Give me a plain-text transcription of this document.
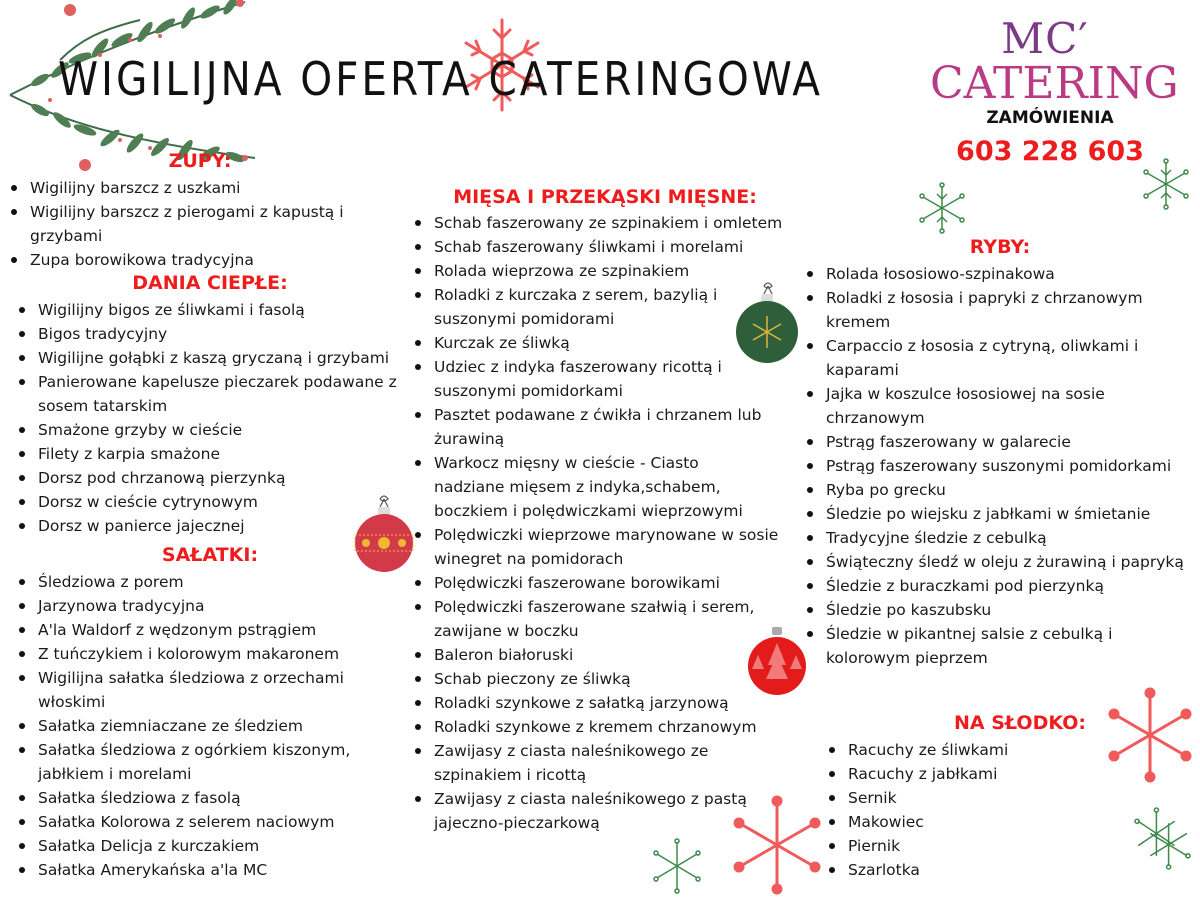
WIGILIJNA OFERTA CATERINGOWA
MC′
CATERING
ZAMÓWIENIA
603 228 603
ZUPY:
Wigilijny barszcz z uszkami
Wigilijny barszcz z pierogami z kapustą i grzybami
Zupa borowikowa tradycyjna
DANIA CIEPŁE:
Wigilijny bigos ze śliwkami i fasolą
Bigos tradycyjny
Wigilijne gołąbki z kaszą gryczaną i grzybami
Panierowane kapelusze pieczarek podawane z sosem tatarskim
Smażone grzyby w cieście
Filety z karpia smażone
Dorsz pod chrzanową pierzynką
Dorsz w cieście cytrynowym
Dorsz w panierce jajecznej
SAŁATKI:
Śledziowa z porem
Jarzynowa tradycyjna
A'la Waldorf z wędzonym pstrągiem
Z tuńczykiem i kolorowym makaronem
Wigilijna sałatka śledziowa z orzechami włoskimi
Sałatka ziemniaczane ze śledziem
Sałatka śledziowa z ogórkiem kiszonym, jabłkiem i morelami
Sałatka śledziowa z fasolą
Sałatka Kolorowa z selerem naciowym
Sałatka Delicja z kurczakiem
Sałatka Amerykańska a'la MC
MIĘSA I PRZEKĄSKI MIĘSNE:
Schab faszerowany ze szpinakiem i omletem
Schab faszerowany śliwkami i morelami
Rolada wieprzowa ze szpinakiem
Roladki z kurczaka z serem, bazylią i suszonymi pomidorami
Kurczak ze śliwką
Udziec z indyka faszerowany ricottą i suszonymi pomidorkami
Pasztet podawane z ćwikła i chrzanem lub żurawiną
Warkocz mięsny w cieście - Ciasto nadziane mięsem z indyka,schabem, boczkiem i polędwiczkami wieprzowymi
Polędwiczki wieprzowe marynowane w sosie winegret na pomidorach
Polędwiczki faszerowane borowikami
Polędwiczki faszerowane szałwią i serem, zawijane w boczku
Baleron białoruski
Schab pieczony ze śliwką
Roladki szynkowe z sałatką jarzynową
Roladki szynkowe z kremem chrzanowym
Zawijasy z ciasta naleśnikowego ze szpinakiem i ricottą
Zawijasy z ciasta naleśnikowego z pastą jajeczno-pieczarkową
RYBY:
Rolada łososiowo-szpinakowa
Roladki z łososia i papryki z chrzanowym kremem
Carpaccio z łososia z cytryną, oliwkami i kaparami
Jajka w koszulce łososiowej na sosie chrzanowym
Pstrąg faszerowany w galarecie
Pstrąg faszerowany suszonymi pomidorkami
Ryba po grecku
Śledzie po wiejsku z jabłkami w śmietanie
Tradycyjne śledzie z cebulką
Świąteczny śledź w oleju z żurawiną i papryką
Śledzie z buraczkami pod pierzynką
Śledzie po kaszubsku
Śledzie w pikantnej salsie z cebulką i kolorowym pieprzem
NA SŁODKO:
Racuchy ze śliwkami
Racuchy z jabłkami
Sernik
Makowiec
Piernik
Szarlotka
